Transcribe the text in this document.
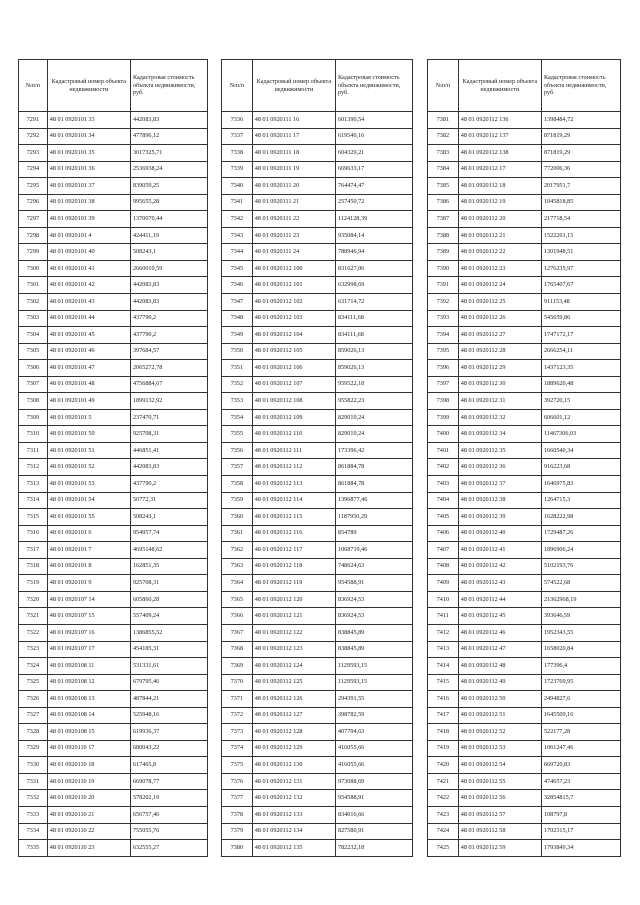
№п/п	Кадастровый номер объекта недвижимости	Кадастровая стоимость объекта недвижимости, руб.
7291	48 01 0920101 33	442083,83
7292	48 01 0920101 34	477896,12
7293	48 01 0920101 35	3017325,71
7294	48 01 0920101 36	2536938,24
7295	48 01 0920101 37	839059,25
7296	48 01 0920101 38	995655,28
7297	48 01 0920101 39	1370070,44
7298	48 01 0920101 4	424411,19
7299	48 01 0920101 40	508243,1
7300	48 01 0920101 41	2660010,59
7301	48 01 0920101 42	442083,83
7302	48 01 0920101 43	442083,83
7303	48 01 0920101 44	437790,2
7304	48 01 0920101 45	437790,2
7305	48 01 0920101 46	397684,57
7306	48 01 0920101 47	2065272,78
7307	48 01 0920101 48	4756884,67
7308	48 01 0920101 49	1899132,92
7309	48 01 0920101 5	237470,71
7310	48 01 0920101 50	925708,31
7311	48 01 0920101 51	446851,41
7312	48 01 0920101 52	442083,83
7313	48 01 0920101 53	437790,2
7314	48 01 0920101 54	50772,31
7315	48 01 0920101 55	508243,1
7316	48 01 0920101 6	954957,74
7317	48 01 0920101 7	4695148,62
7318	48 01 0920101 8	162851,35
7319	48 01 0920101 9	925708,31
7320	48 01 0920107 14	605860,28
7321	48 01 0920107 15	557409,24
7322	48 01 0920107 16	1386855,52
7323	48 01 0920107 17	454185,31
7324	48 01 0920108 11	531331,61
7325	48 01 0920108 12	679795,46
7326	48 01 0920108 13	487844,21
7327	48 01 0920108 14	525948,16
7328	48 01 0920108 15	619936,37
7329	48 01 0920110 17	680043,22
7330	48 01 0920110 18	617465,8
7331	48 01 0920110 19	669078,77
7332	48 01 0920110 20	578202,19
7333	48 01 0920110 21	656757,46
7334	48 01 0920110 22	755055,76
7335	48 01 0920110 23	632555,27
№п/п	Кадастровый номер объекта недвижимости	Кадастровая стоимость объекта недвижимости, руб.
7336	48 01 0920111 16	601390,54
7337	48 01 0920111 17	619540,16
7338	48 01 0920111 18	604329,21
7339	48 01 0920111 19	669633,17
7340	48 01 0920111 20	764474,47
7341	48 01 0920111 21	257450,72
7342	48 01 0920111 22	1124128,39
7343	48 01 0920111 23	935084,14
7344	48 01 0920111 24	788946,94
7345	48 01 0920112 100	831627,06
7346	48 01 0920112 101	632998,69
7347	48 01 0920112 102	631714,72
7348	48 01 0920112 103	834111,68
7349	48 01 0920112 104	834111,68
7350	48 01 0920112 105	859026,13
7351	48 01 0920112 106	859026,13
7352	48 01 0920112 107	959522,18
7353	48 01 0920112 108	955822,23
7354	48 01 0920112 109	829010,24
7355	48 01 0920112 110	829010,24
7356	48 01 0920112 111	173396,42
7357	48 01 0920112 112	861884,78
7358	48 01 0920112 113	861884,78
7359	48 01 0920112 114	1396877,46
7360	48 01 0920112 115	1187950,29
7361	48 01 0920112 116	854789
7362	48 01 0920112 117	1068719,46
7363	48 01 0920112 118	748624,63
7364	48 01 0920112 119	954588,91
7365	48 01 0920112 120	836924,53
7366	48 01 0920112 121	836924,53
7367	48 01 0920112 122	838845,89
7368	48 01 0920112 123	838845,89
7369	48 01 0920112 124	1129593,15
7370	48 01 0920112 125	1129593,15
7371	48 01 0920112 126	294391,55
7372	48 01 0920112 127	398782,59
7373	48 01 0920112 128	407794,63
7374	48 01 0920112 129	416055,66
7375	48 01 0920112 130	416055,66
7376	48 01 0920112 131	973088,69
7377	48 01 0920112 132	954588,91
7378	48 01 0920112 133	834016,66
7379	48 01 0920112 134	827580,91
7380	48 01 0920112 135	782232,18
№п/п	Кадастровый номер объекта недвижимости	Кадастровая стоимость объекта недвижимости, руб.
7381	48 01 0920112 136	1398484,72
7382	48 01 0920112 137	871819,29
7383	48 01 0920112 138	871819,29
7384	48 01 0920112 17	772006,36
7385	48 01 0920112 18	2017951,7
7386	48 01 0920112 19	1045818,85
7387	48 01 0920112 20	217718,54
7388	48 01 0920112 21	1522261,15
7389	48 01 0920112 22	1301948,51
7390	48 01 0920112 23	1276235,97
7391	48 01 0920112 24	1765407,67
7392	48 01 0920112 25	911153,48
7393	48 01 0920112 26	545659,86
7394	48 01 0920112 27	1747172,17
7395	48 01 0920112 28	2666254,11
7396	48 01 0920112 29	1437123,35
7397	48 01 0920112 30	1889620,48
7398	48 01 0920112 31	392720,15
7399	48 01 0920112 32	606601,12
7400	48 01 0920112 34	11467306,03
7401	48 01 0920112 35	1660540,34
7402	48 01 0920112 36	916223,68
7403	48 01 0920112 37	1646975,83
7404	48 01 0920112 38	1264715,3
7405	48 01 0920112 39	1628222,98
7406	48 01 0920112 40	1729487,26
7407	48 01 0920112 41	1896906,24
7408	48 01 0920112 42	5102193,76
7409	48 01 0920112 43	574522,68
7410	48 01 0920112 44	21362968,19
7411	48 01 0920112 45	393646,59
7412	48 01 0920112 46	1952343,55
7413	48 01 0920112 47	1658020,84
7414	48 01 0920112 48	177396,4
7415	48 01 0920112 49	1723769,95
7416	48 01 0920112 50	2494827,6
7417	48 01 0920112 51	1645509,16
7418	48 01 0920112 52	522177,28
7419	48 01 0920112 53	1061247,46
7420	48 01 0920112 54	669720,83
7421	48 01 0920112 55	474657,23
7422	48 01 0920112 56	32854815,7
7423	48 01 0920112 57	108797,8
7424	48 01 0920112 58	1702315,17
7425	48 01 0920112 59	1793849,34
